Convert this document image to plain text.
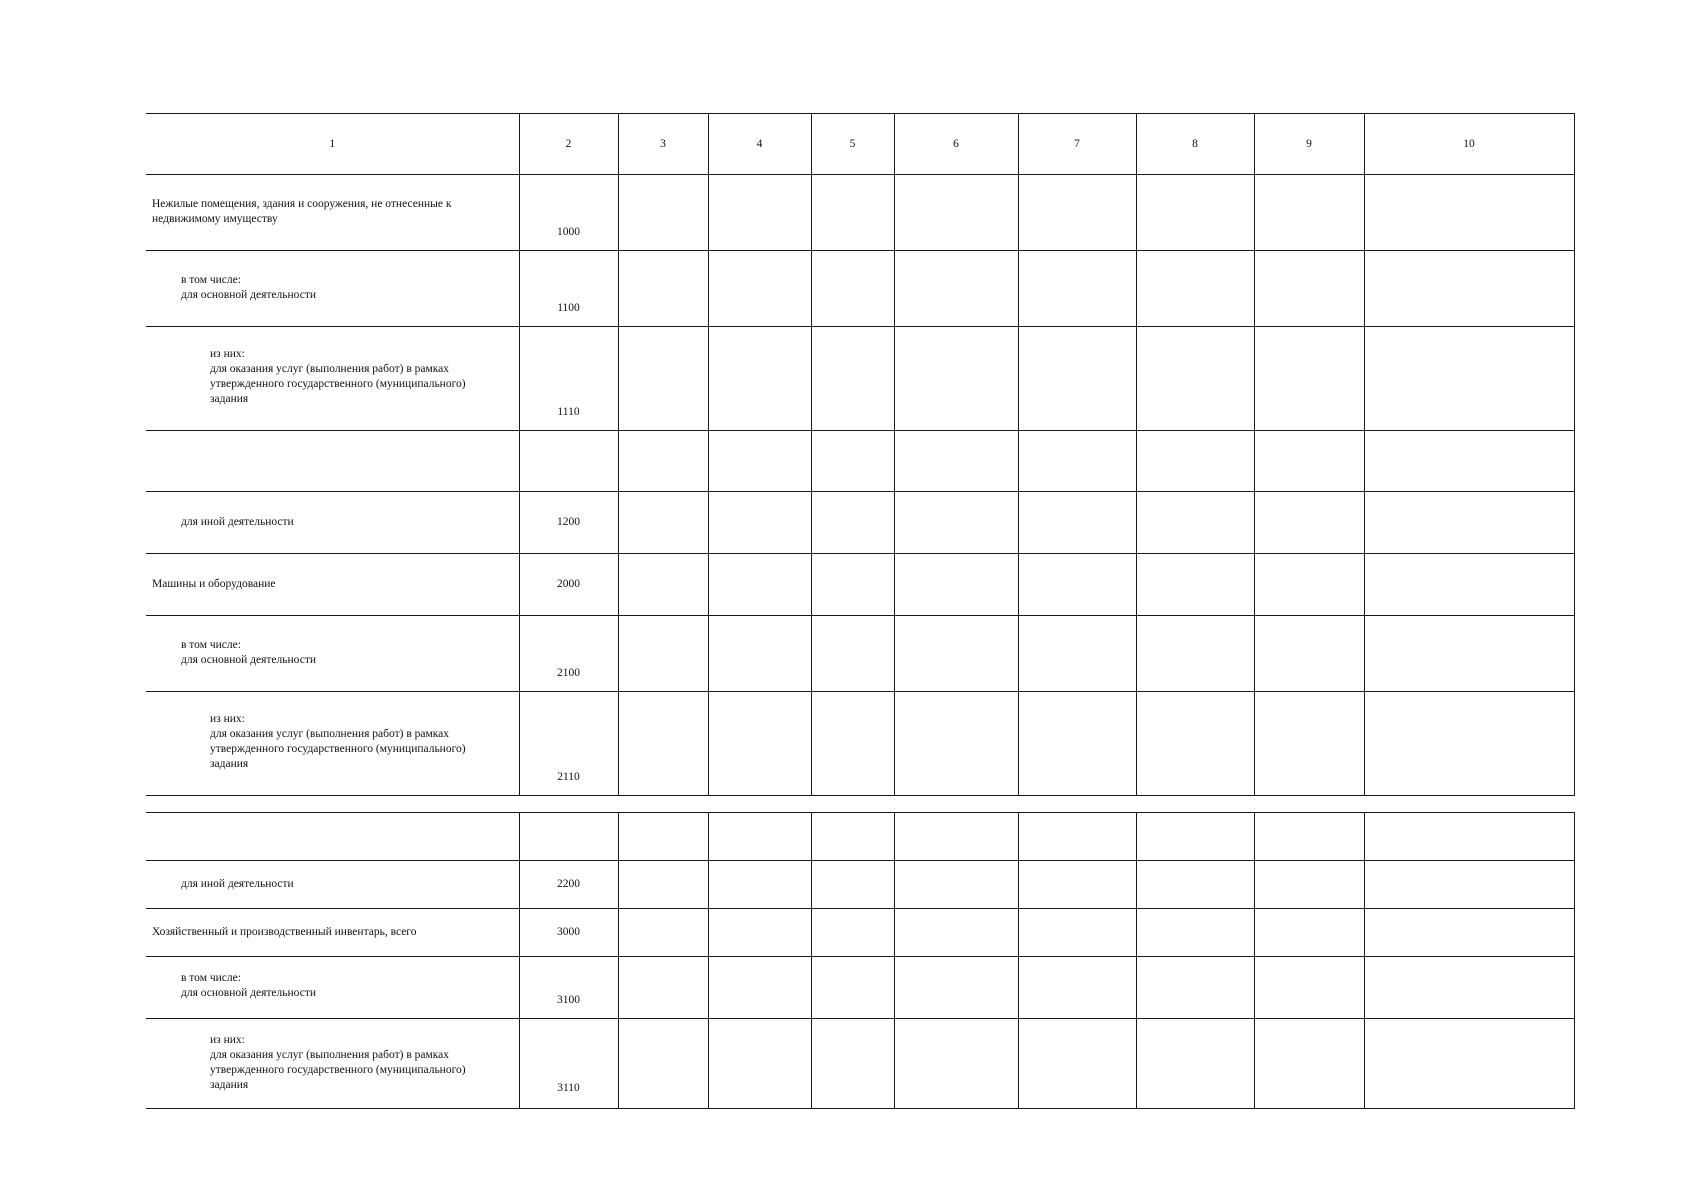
1	2	3	4	5	6	7	8	9	10

Нежилые помещения, здания и сооружения, не отнесенные к
недвижимому имуществу	1000								

в том числе:
для основной деятельности	1100								

из них:
для оказания услуг (выполнения работ) в рамках
утвержденного государственного (муниципального)
задания	1110								

для иной деятельности	1200								

Машины и оборудование	2000								

в том числе:
для основной деятельности	2100								

из них:
для оказания услуг (выполнения работ) в рамках
утвержденного государственного (муниципального)
задания	2110								

для иной деятельности	2200								

Хозяйственный и производственный инвентарь, всего	3000								

в том числе:
для основной деятельности	3100								

из них:
для оказания услуг (выполнения работ) в рамках
утвержденного государственного (муниципального)
задания	3110								
